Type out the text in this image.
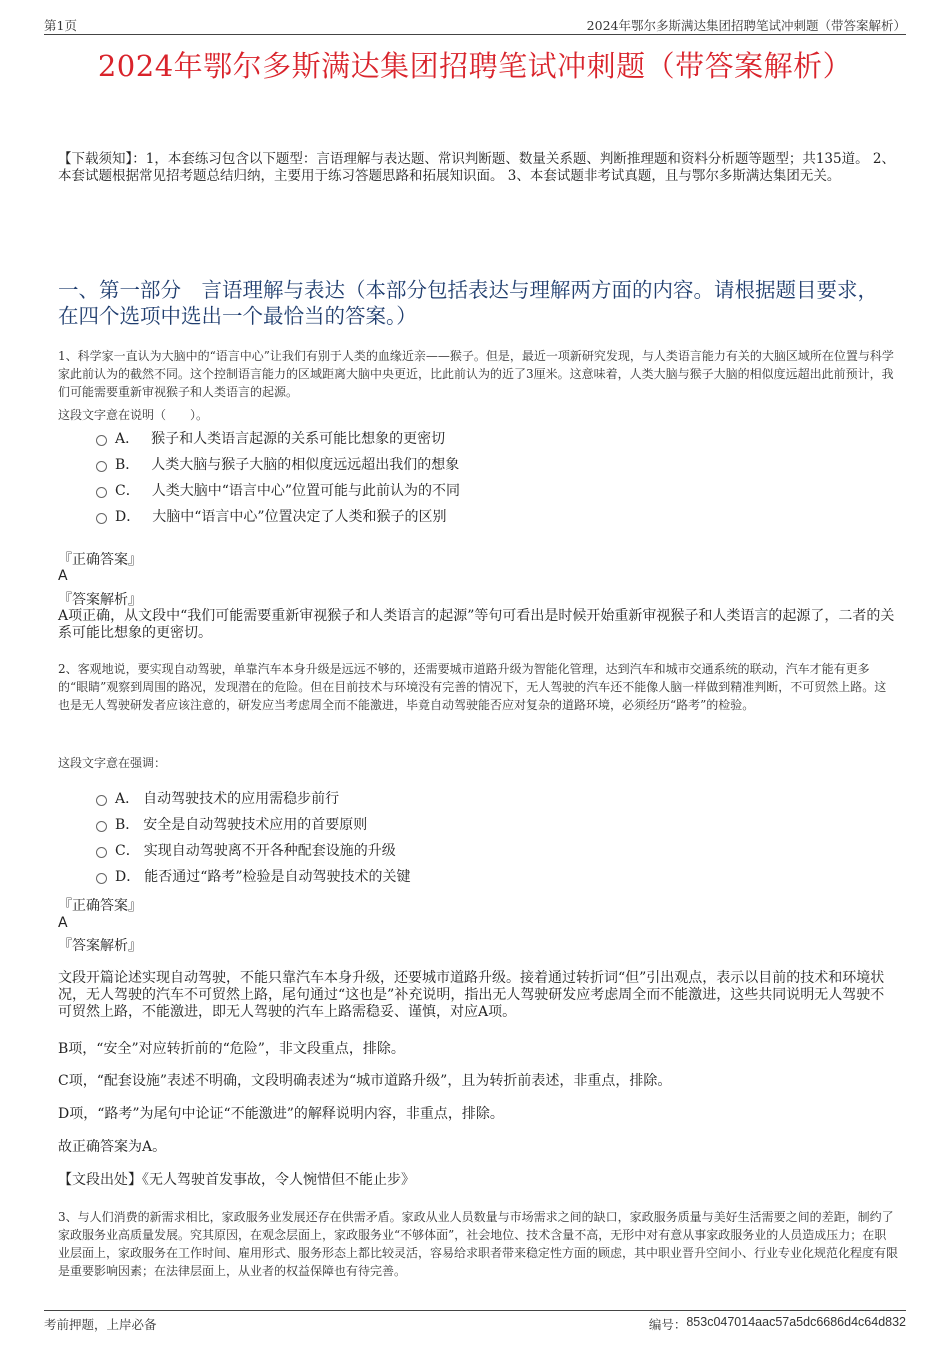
第1页	2024年鄂尔多斯满达集团招聘笔试冲刺题（带答案解析）
2024年鄂尔多斯满达集团招聘笔试冲刺题（带答案解析）
【下载须知】：1，本套练习包含以下题型：言语理解与表达题、常识判断题、数量关系题、判断推理题和资料分析题等题型；共135道。 2、本套试题根据常见招考题总结归纳，主要用于练习答题思路和拓展知识面。 3、本套试题非考试真题，且与鄂尔多斯满达集团无关。
一、第一部分　言语理解与表达（本部分包括表达与理解两方面的内容。请根据题目要求，在四个选项中选出一个最恰当的答案。）
1、科学家一直认为大脑中的“语言中心”让我们有别于人类的血缘近亲——猴子。但是，最近一项新研究发现，与人类语言能力有关的大脑区域所在位置与科学家此前认为的截然不同。这个控制语言能力的区域距离大脑中央更近，比此前认为的近了3厘米。这意味着，人类大脑与猴子大脑的相似度远超出此前预计，我们可能需要重新审视猴子和人类语言的起源。
这段文字意在说明（　　）。
A． 猴子和人类语言起源的关系可能比想象的更密切
B． 人类大脑与猴子大脑的相似度远远超出我们的想象
C． 人类大脑中“语言中心”位置可能与此前认为的不同
D． 大脑中“语言中心”位置决定了人类和猴子的区别
『正确答案』
A
『答案解析』
A项正确，从文段中“我们可能需要重新审视猴子和人类语言的起源”等句可看出是时候开始重新审视猴子和人类语言的起源了，二者的关系可能比想象的更密切。
2、客观地说，要实现自动驾驶，单靠汽车本身升级是远远不够的，还需要城市道路升级为智能化管理，达到汽车和城市交通系统的联动，汽车才能有更多的“眼睛”观察到周围的路况，发现潜在的危险。但在目前技术与环境没有完善的情况下，无人驾驶的汽车还不能像人脑一样做到精准判断，不可贸然上路。这也是无人驾驶研发者应该注意的，研发应当考虑周全而不能激进，毕竟自动驾驶能否应对复杂的道路环境，必须经历“路考”的检验。
这段文字意在强调：
A． 自动驾驶技术的应用需稳步前行
B． 安全是自动驾驶技术应用的首要原则
C． 实现自动驾驶离不开各种配套设施的升级
D． 能否通过“路考”检验是自动驾驶技术的关键
『正确答案』
A
『答案解析』
文段开篇论述实现自动驾驶，不能只靠汽车本身升级，还要城市道路升级。接着通过转折词“但”引出观点，表示以目前的技术和环境状况，无人驾驶的汽车不可贸然上路，尾句通过“这也是”补充说明，指出无人驾驶研发应考虑周全而不能激进，这些共同说明无人驾驶不可贸然上路，不能激进，即无人驾驶的汽车上路需稳妥、谨慎，对应A项。
B项，“安全”对应转折前的“危险”，非文段重点，排除。
C项，“配套设施”表述不明确，文段明确表述为“城市道路升级”，且为转折前表述，非重点，排除。
D项，“路考”为尾句中论证“不能激进”的解释说明内容，非重点，排除。
故正确答案为A。
【文段出处】《无人驾驶首发事故，令人惋惜但不能止步》
3、与人们消费的新需求相比，家政服务业发展还存在供需矛盾。家政从业人员数量与市场需求之间的缺口，家政服务质量与美好生活需要之间的差距，制约了家政服务业高质量发展。究其原因，在观念层面上，家政服务业“不够体面”，社会地位、技术含量不高，无形中对有意从事家政服务业的人员造成压力；在职业层面上，家政服务在工作时间、雇用形式、服务形态上都比较灵活，容易给求职者带来稳定性方面的顾虑，其中职业晋升空间小、行业专业化规范化程度有限是重要影响因素；在法律层面上，从业者的权益保障也有待完善。
考前押题，上岸必备	编号： 853c047014aac57a5dc6686d4c64d832
